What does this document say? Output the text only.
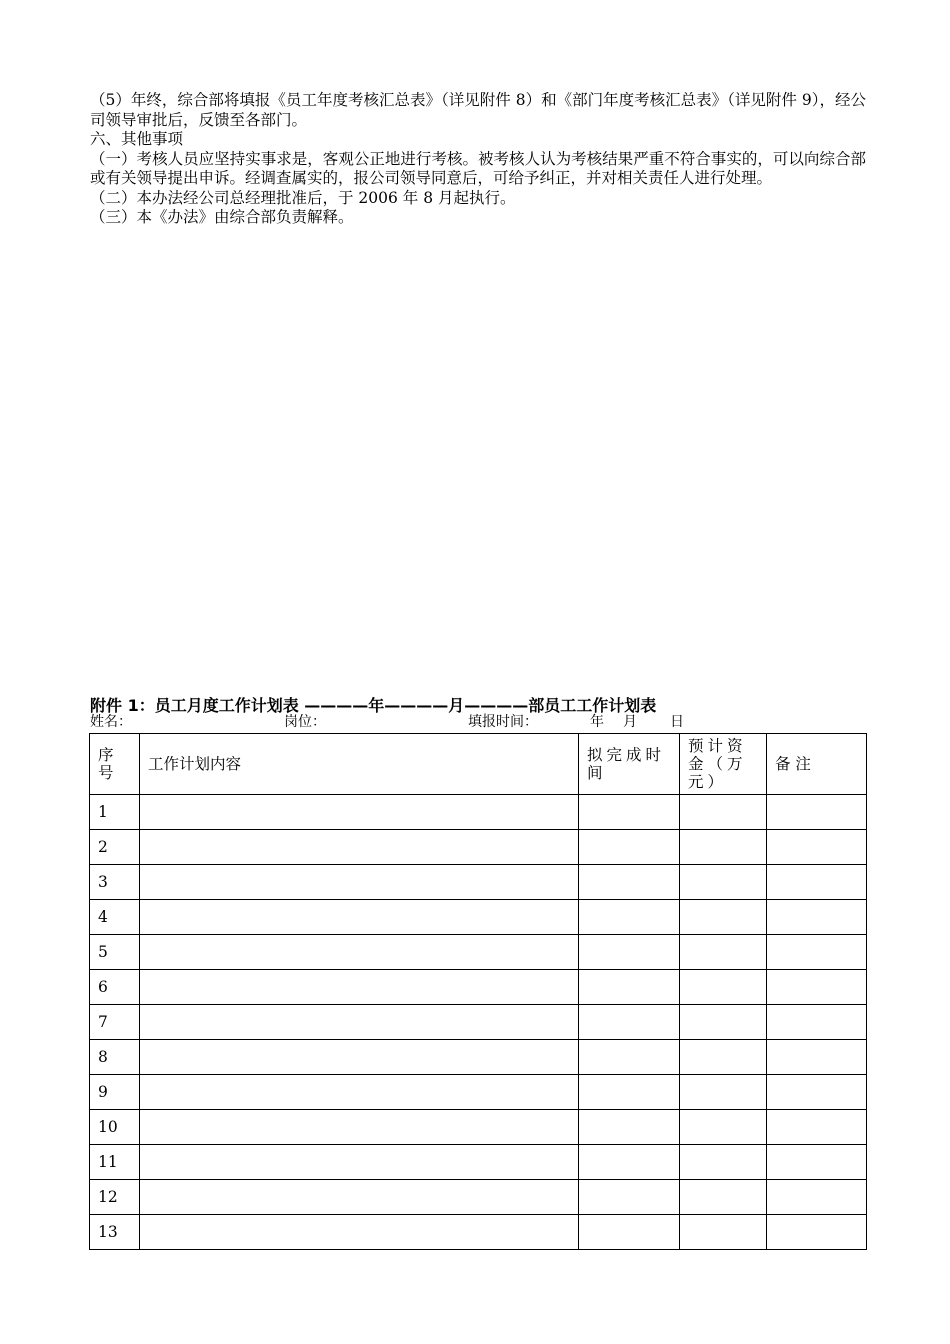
（5）年终，综合部将填报《员工年度考核汇总表》（详见附件 8）和《部门年度考核汇总表》（详见附件 9），经公司领导审批后，反馈至各部门。

六、其他事项

（一）考核人员应坚持实事求是，客观公正地进行考核。被考核人认为考核结果严重不符合事实的，可以向综合部或有关领导提出申诉。经调查属实的，报公司领导同意后，可给予纠正，并对相关责任人进行处理。

（二）本办法经公司总经理批准后，于 2006 年 8 月起执行。

（三）本《办法》由综合部负责解释。

附件 1：员工月度工作计划表 ————年————月————部员工工作计划表
姓名：	岗位：	填报时间：	年 月 日
序号	工作计划内容	拟完成时间	预计资金（万元）	备 注
1				
2				
3				
4				
5				
6				
7				
8				
9				
10				
11				
12				
13				
